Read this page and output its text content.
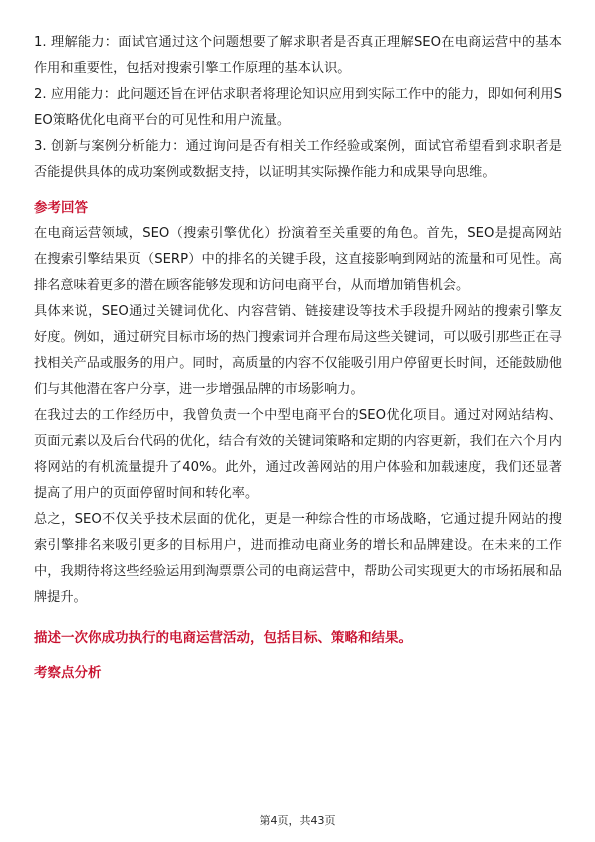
1. 理解能力：面试官通过这个问题想要了解求职者是否真正理解SEO在电商运营中的基本作用和重要性，包括对搜索引擎工作原理的基本认识。

2. 应用能力：此问题还旨在评估求职者将理论知识应用到实际工作中的能力，即如何利用SEO策略优化电商平台的可见性和用户流量。

3. 创新与案例分析能力：通过询问是否有相关工作经验或案例，面试官希望看到求职者是否能提供具体的成功案例或数据支持，以证明其实际操作能力和成果导向思维。

参考回答

在电商运营领域，SEO（搜索引擎优化）扮演着至关重要的角色。首先，SEO是提高网站在搜索引擎结果页（SERP）中的排名的关键手段，这直接影响到网站的流量和可见性。高排名意味着更多的潜在顾客能够发现和访问电商平台，从而增加销售机会。

具体来说，SEO通过关键词优化、内容营销、链接建设等技术手段提升网站的搜索引擎友好度。例如，通过研究目标市场的热门搜索词并合理布局这些关键词，可以吸引那些正在寻找相关产品或服务的用户。同时，高质量的内容不仅能吸引用户停留更长时间，还能鼓励他们与其他潜在客户分享，进一步增强品牌的市场影响力。

在我过去的工作经历中，我曾负责一个中型电商平台的SEO优化项目。通过对网站结构、页面元素以及后台代码的优化，结合有效的关键词策略和定期的内容更新，我们在六个月内将网站的有机流量提升了40%。此外，通过改善网站的用户体验和加载速度，我们还显著提高了用户的页面停留时间和转化率。

总之，SEO不仅关乎技术层面的优化，更是一种综合性的市场战略，它通过提升网站的搜索引擎排名来吸引更多的目标用户，进而推动电商业务的增长和品牌建设。在未来的工作中，我期待将这些经验运用到淘票票公司的电商运营中，帮助公司实现更大的市场拓展和品牌提升。

描述一次你成功执行的电商运营活动，包括目标、策略和结果。
考察点分析
第4页，共43页
